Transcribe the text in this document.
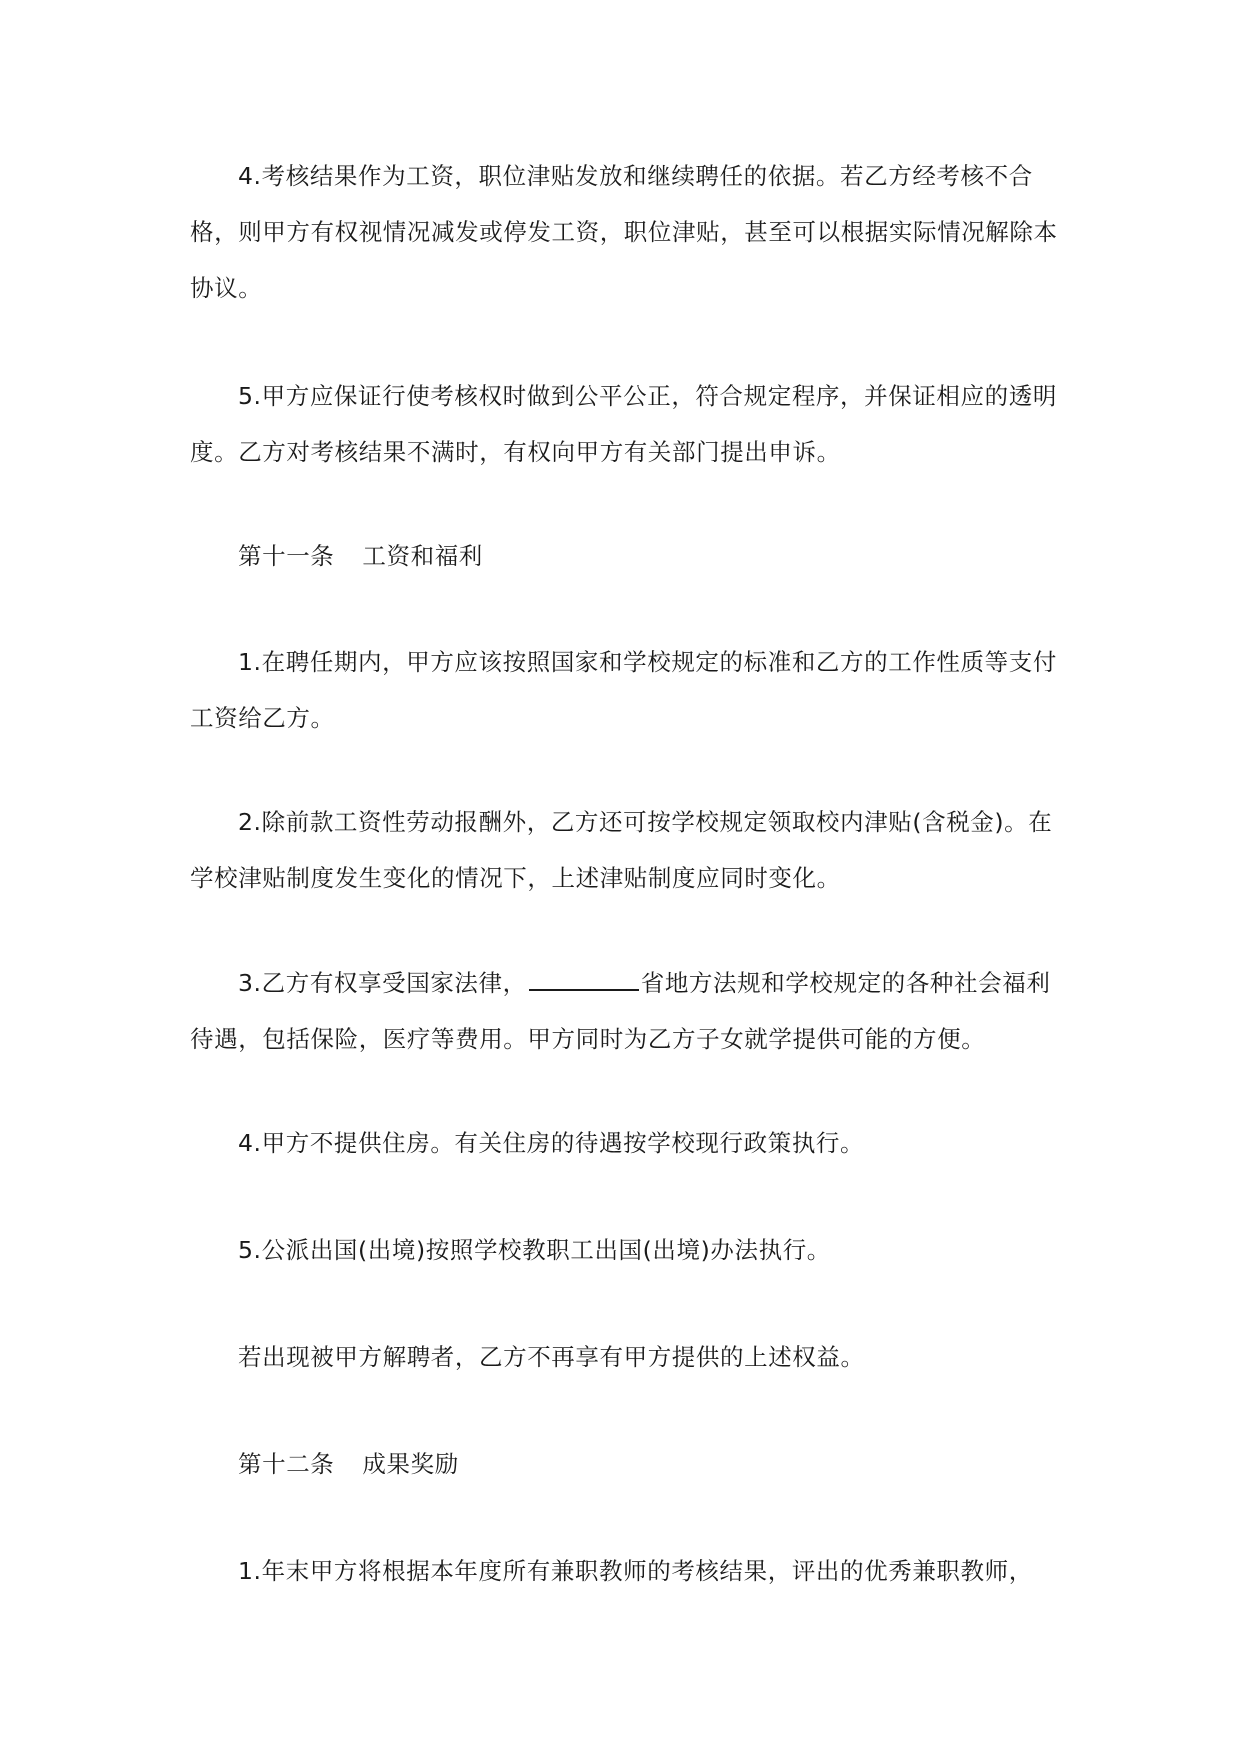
4.考核结果作为工资，职位津贴发放和继续聘任的依据。若乙方经考核不合格，则甲方有权视情况减发或停发工资，职位津贴，甚至可以根据实际情况解除本协议。

5.甲方应保证行使考核权时做到公平公正，符合规定程序，并保证相应的透明度。乙方对考核结果不满时，有权向甲方有关部门提出申诉。

第十一条 工资和福利

1.在聘任期内，甲方应该按照国家和学校规定的标准和乙方的工作性质等支付工资给乙方。

2.除前款工资性劳动报酬外，乙方还可按学校规定领取校内津贴(含税金)。在学校津贴制度发生变化的情况下，上述津贴制度应同时变化。

3.乙方有权享受国家法律，	省地方法规和学校规定的各种社会福利待遇，包括保险，医疗等费用。甲方同时为乙方子女就学提供可能的方便。

4.甲方不提供住房。有关住房的待遇按学校现行政策执行。

5.公派出国(出境)按照学校教职工出国(出境)办法执行。

若出现被甲方解聘者，乙方不再享有甲方提供的上述权益。

第十二条 成果奖励

1.年末甲方将根据本年度所有兼职教师的考核结果，评出的优秀兼职教师，
